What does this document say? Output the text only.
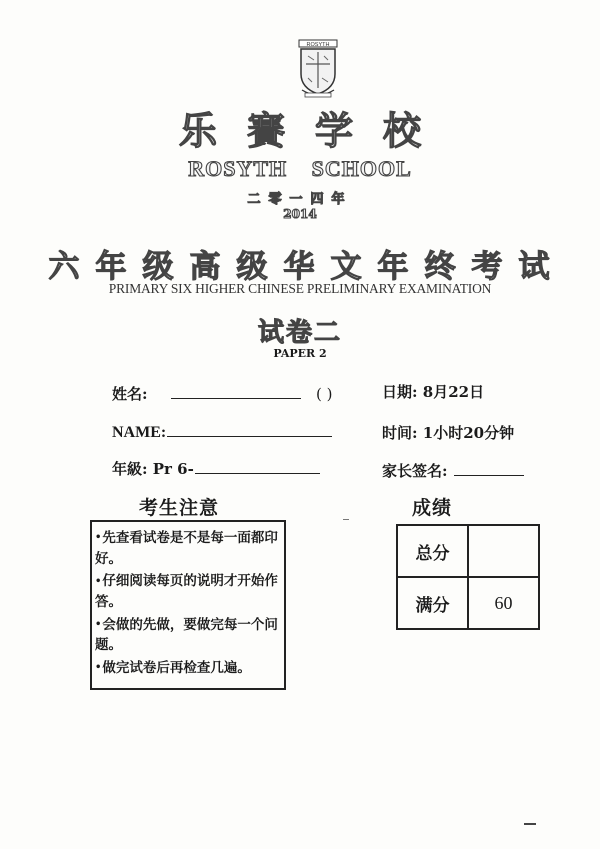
ROSYTH
乐賽学校
ROSYTH SCHOOL
二零一四年
2014
六年级高级华文年终考试
PRIMARY SIX HIGHER CHINESE PRELIMINARY EXAMINATION
试卷二
PAPER 2
姓名:	( )
NAME:
年級: Pr 6-
日期: 8月22日
时间: 1小时20分钟
家长签名:
考生注意
•先查看试卷是不是每一面都印好。
•仔细阅读每页的说明才开始作答。
•会做的先做，要做完每一个问题。
•做完试卷后再检查几遍。
成绩
总分	
满分	60
